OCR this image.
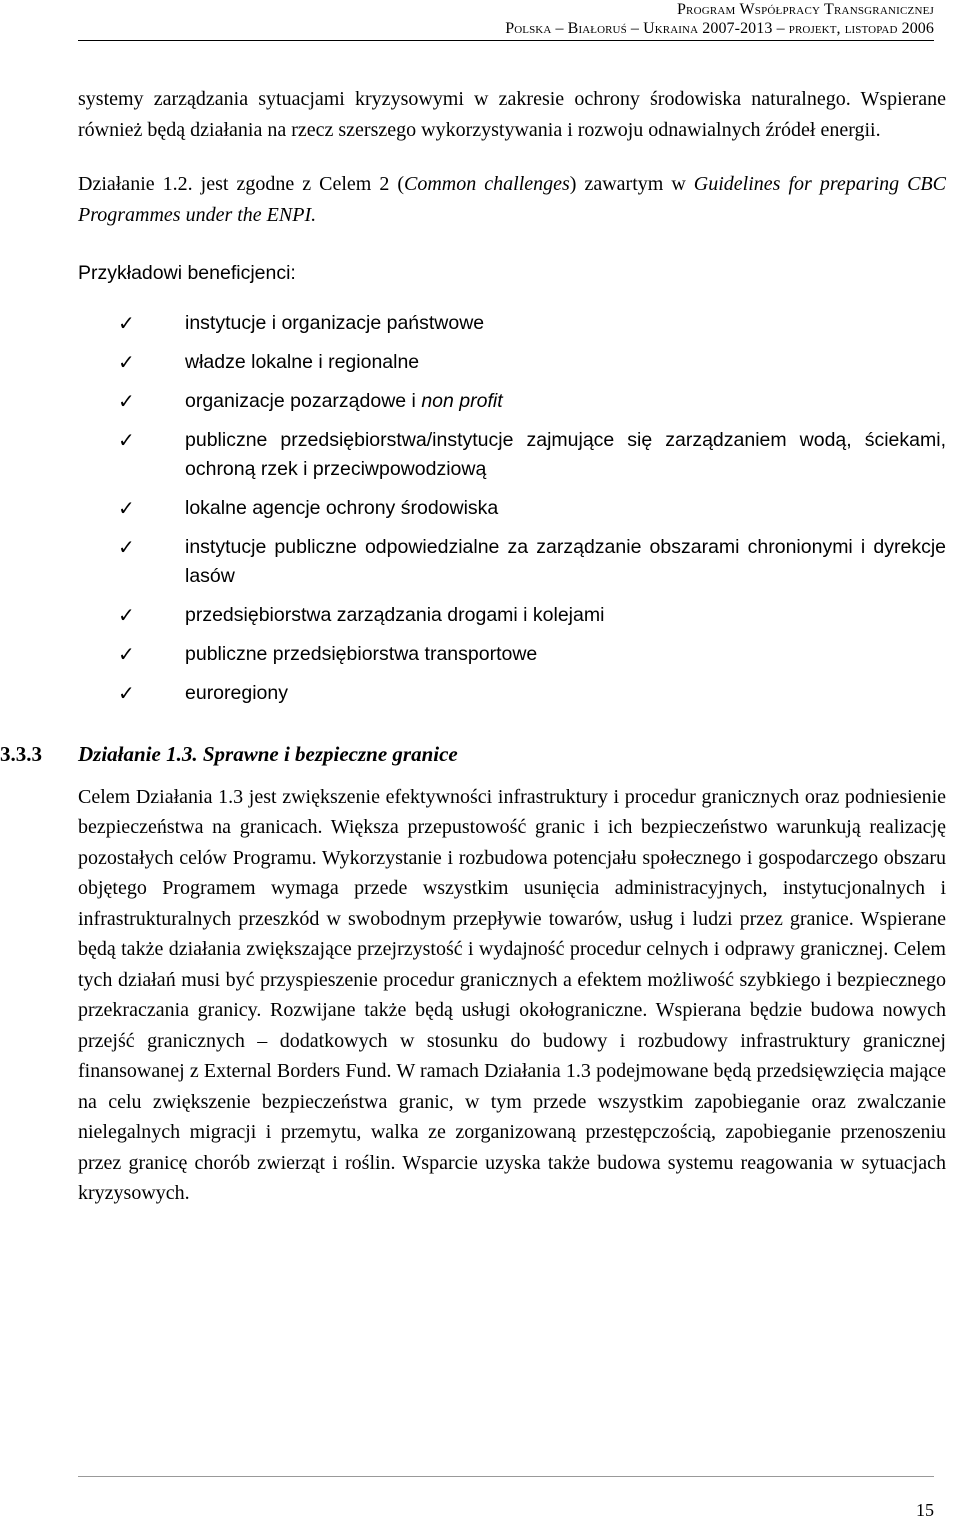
Program Współpracy Transgranicznej
Polska – Białoruś – Ukraina 2007-2013 – projekt, listopad 2006

systemy zarządzania sytuacjami kryzysowymi w zakresie ochrony środowiska naturalnego. Wspierane również będą działania na rzecz szerszego wykorzystywania i rozwoju odnawialnych źródeł energii.

Działanie 1.2. jest zgodne z Celem 2 (Common challenges) zawartym w Guidelines for preparing CBC Programmes under the ENPI.

Przykładowi beneficjenci:

✓	instytucje i organizacje państwowe
✓	władze lokalne i regionalne
✓	organizacje pozarządowe i non profit
✓	publiczne przedsiębiorstwa/instytucje zajmujące się zarządzaniem wodą, ściekami, ochroną rzek i przeciwpowodziową
✓	lokalne agencje ochrony środowiska
✓	instytucje publiczne odpowiedzialne za zarządzanie obszarami chronionymi i dyrekcje lasów
✓	przedsiębiorstwa zarządzania drogami i kolejami
✓	publiczne przedsiębiorstwa transportowe
✓	euroregiony
3.3.3 Działanie 1.3. Sprawne i bezpieczne granice

Celem Działania 1.3 jest zwiększenie efektywności infrastruktury i procedur granicznych oraz podniesienie bezpieczeństwa na granicach. Większa przepustowość granic i ich bezpieczeństwo warunkują realizację pozostałych celów Programu. Wykorzystanie i rozbudowa potencjału społecznego i gospodarczego obszaru objętego Programem wymaga przede wszystkim usunięcia administracyjnych, instytucjonalnych i infrastrukturalnych przeszkód w swobodnym przepływie towarów, usług i ludzi przez granice. Wspierane będą także działania zwiększające przejrzystość i wydajność procedur celnych i odprawy granicznej. Celem tych działań musi być przyspieszenie procedur granicznych a efektem możliwość szybkiego i bezpiecznego przekraczania granicy. Rozwijane także będą usługi okołograniczne. Wspierana będzie budowa nowych przejść granicznych – dodatkowych w stosunku do budowy i rozbudowy infrastruktury granicznej finansowanej z External Borders Fund. W ramach Działania 1.3 podejmowane będą przedsięwzięcia mające na celu zwiększenie bezpieczeństwa granic, w tym przede wszystkim zapobieganie oraz zwalczanie nielegalnych migracji i przemytu, walka ze zorganizowaną przestępczością, zapobieganie przenoszeniu przez granicę chorób zwierząt i roślin. Wsparcie uzyska także budowa systemu reagowania w sytuacjach kryzysowych.

15
